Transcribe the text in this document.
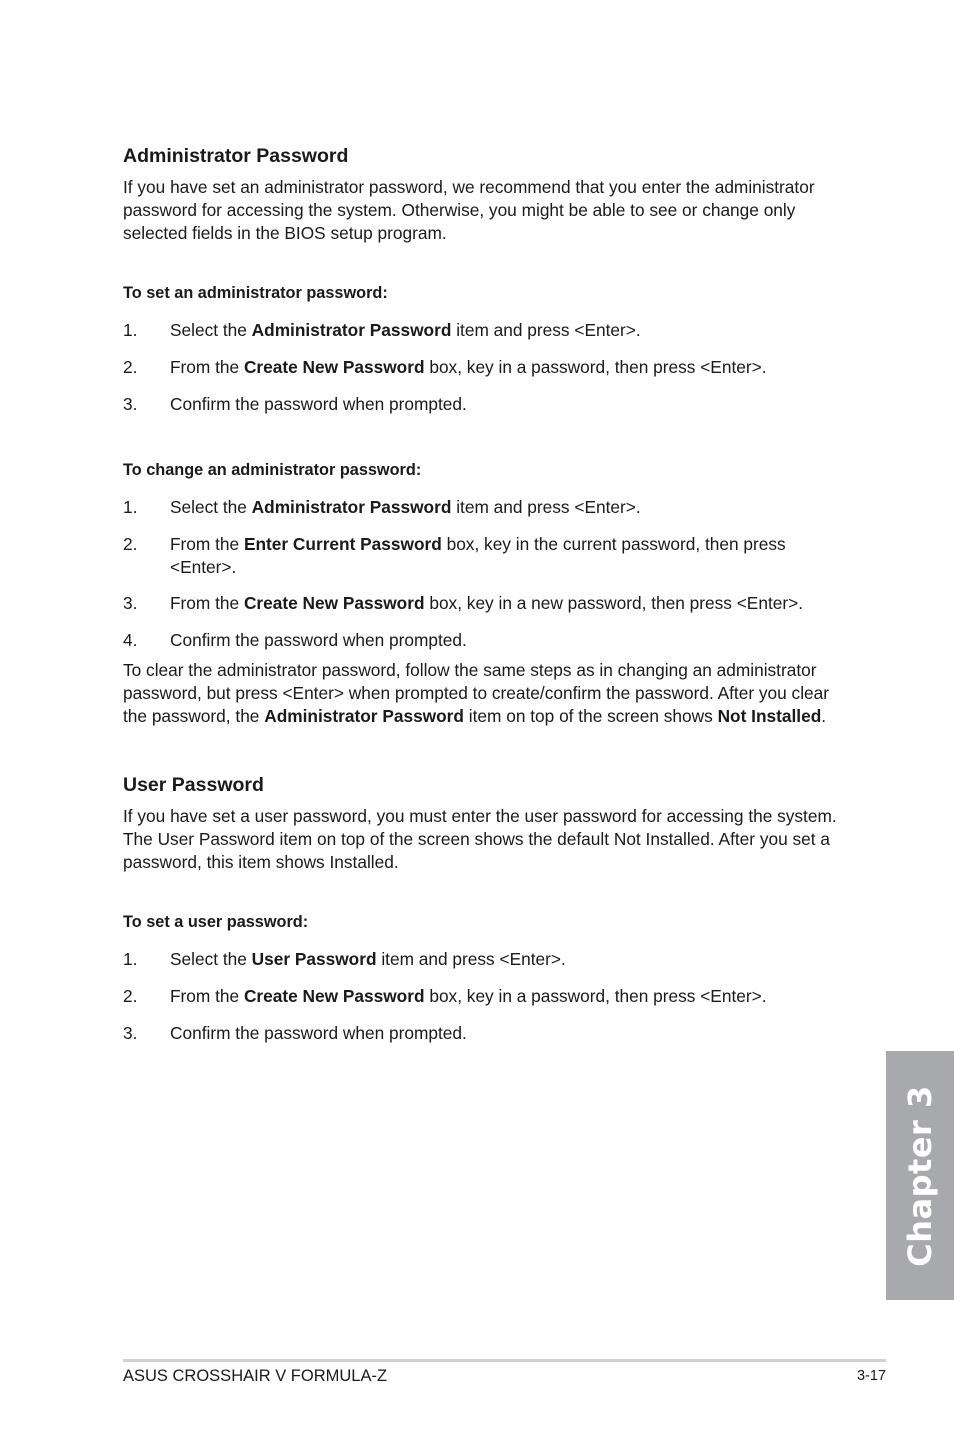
Administrator Password

If you have set an administrator password, we recommend that you enter the administrator password for accessing the system. Otherwise, you might be able to see or change only selected fields in the BIOS setup program.

To set an administrator password:
1. Select the Administrator Password item and press <Enter>.
2. From the Create New Password box, key in a password, then press <Enter>.
3. Confirm the password when prompted.
To change an administrator password:
1. Select the Administrator Password item and press <Enter>.
2. From the Enter Current Password box, key in the current password, then press <Enter>.
3. From the Create New Password box, key in a new password, then press <Enter>.
4. Confirm the password when prompted.

To clear the administrator password, follow the same steps as in changing an administrator password, but press <Enter> when prompted to create/confirm the password. After you clear the password, the Administrator Password item on top of the screen shows Not Installed.

User Password

If you have set a user password, you must enter the user password for accessing the system. The User Password item on top of the screen shows the default Not Installed. After you set a password, this item shows Installed.

To set a user password:
1. Select the User Password item and press <Enter>.
2. From the Create New Password box, key in a password, then press <Enter>.
3. Confirm the password when prompted.
Chapter 3
ASUS CROSSHAIR V FORMULA-Z	3-17
